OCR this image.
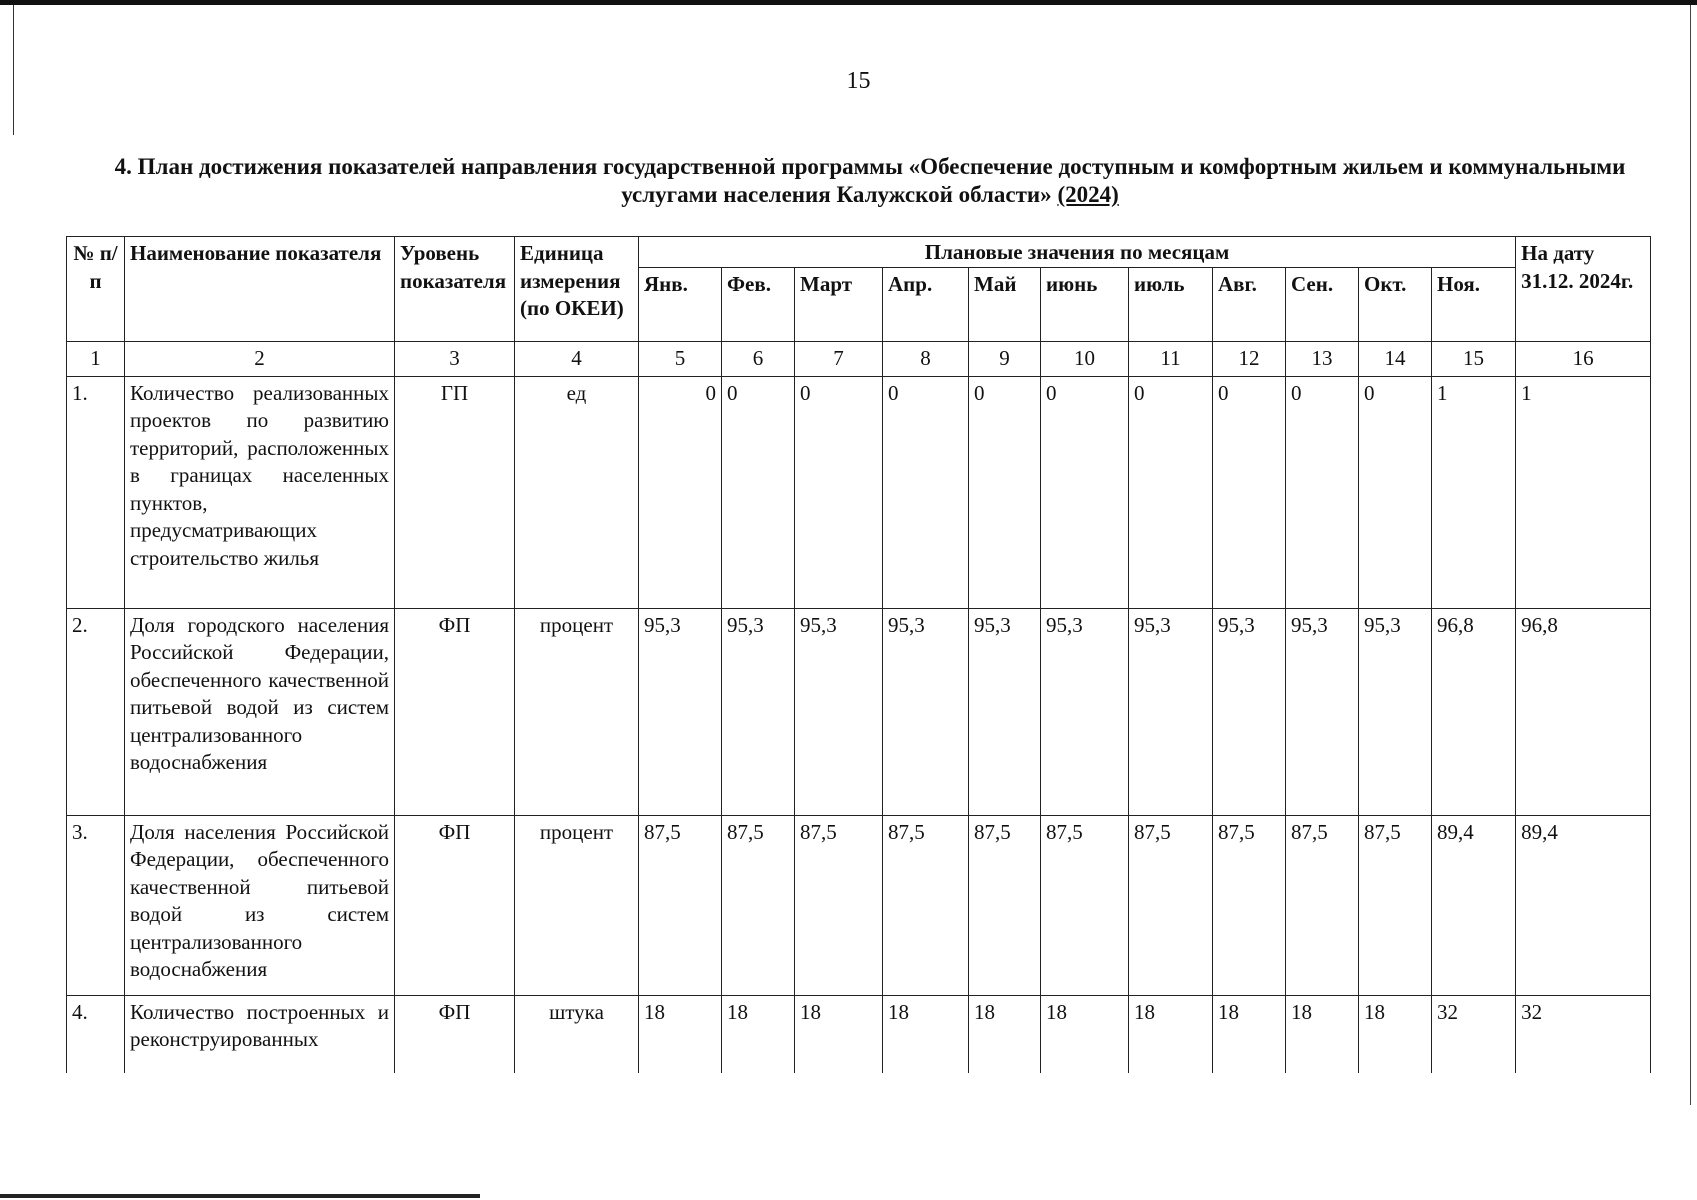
15
4. План достижения показателей направления государственной программы «Обеспечение доступным и комфортным жильем и коммунальными услугами населения Калужской области» (2024)
№ п/п	Наименование показателя	Уровень показателя	Единица измерения (по ОКЕИ)	Плановые значения по месяцам											На дату 31.12. 2024г.
				Янв.	Фев.	Март	Апр.	Май	июнь	июль	Авг.	Сен.	Окт.	Ноя.	
1	2	3	4	5	6	7	8	9	10	11	12	13	14	15	16
1.	Количество реализованных проектов по развитию территорий, расположенных в границах населенных пунктов, предусматривающих строительство жилья	ГП	ед	0	0	0	0	0	0	0	0	0	0	1	1
2.	Доля городского населения Российской Федерации, обеспеченного качественной питьевой водой из систем централизованного водоснабжения	ФП	процент	95,3	95,3	95,3	95,3	95,3	95,3	95,3	95,3	95,3	95,3	96,8	96,8
3.	Доля населения Российской Федерации, обеспеченного качественной питьевой водой из систем централизованного водоснабжения	ФП	процент	87,5	87,5	87,5	87,5	87,5	87,5	87,5	87,5	87,5	87,5	89,4	89,4
4.	Количество построенных и реконструированных	ФП	штука	18	18	18	18	18	18	18	18	18	18	32	32
